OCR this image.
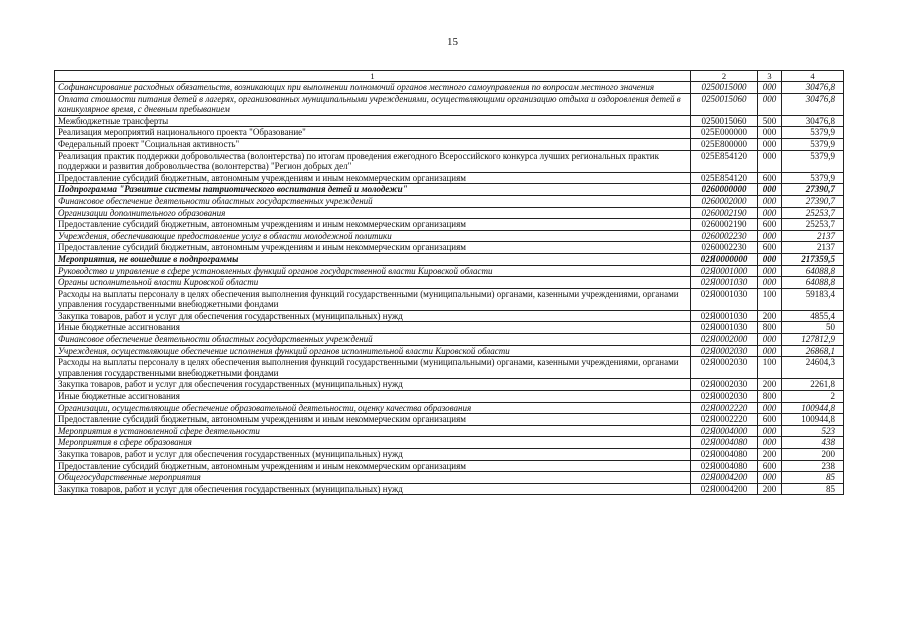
15
1	2	3	4
Софинансирование расходных обязательств, возникающих при выполнении полномочий органов местного самоуправления по вопросам местного значения	0250015000	000	30476,8
Оплата стоимости питания детей в лагерях, организованных муниципальными учреждениями, осуществляющими организацию отдыха и оздоровления детей в каникулярное время, с дневным пребыванием	0250015060	000	30476,8
Межбюджетные трансферты	0250015060	500	30476,8
Реализация мероприятий национального проекта "Образование"	025E000000	000	5379,9
Федеральный проект "Социальная активность"	025E800000	000	5379,9
Реализация практик поддержки добровольчества (волонтерства) по итогам проведения ежегодного Всероссийского конкурса лучших региональных практик поддержки и развития добровольчества (волонтерства) "Регион добрых дел"	025E854120	000	5379,9
Предоставление субсидий бюджетным, автономным учреждениям и иным некоммерческим организациям	025E854120	600	5379,9
Подпрограмма "Развитие системы патриотического воспитания детей и молодежи"	0260000000	000	27390,7
Финансовое обеспечение деятельности областных государственных учреждений	0260002000	000	27390,7
Организации дополнительного образования	0260002190	000	25253,7
Предоставление субсидий бюджетным, автономным учреждениям и иным некоммерческим организациям	0260002190	600	25253,7
Учреждения, обеспечивающие предоставление услуг в области молодежной политики	0260002230	000	2137
Предоставление субсидий бюджетным, автономным учреждениям и иным некоммерческим организациям	0260002230	600	2137
Мероприятия, не вошедшие в подпрограммы	02Я0000000	000	217359,5
Руководство и управление в сфере установленных функций органов государственной власти Кировской области	02Я0001000	000	64088,8
Органы исполнительной власти Кировской области	02Я0001030	000	64088,8
Расходы на выплаты персоналу в целях обеспечения выполнения функций государственными (муниципальными) органами, казенными учреждениями, органами управления государственными внебюджетными фондами	02Я0001030	100	59183,4
Закупка товаров, работ и услуг для обеспечения государственных (муниципальных) нужд	02Я0001030	200	4855,4
Иные бюджетные ассигнования	02Я0001030	800	50
Финансовое обеспечение деятельности областных государственных учреждений	02Я0002000	000	127812,9
Учреждения, осуществляющие обеспечение исполнения функций органов исполнительной власти Кировской области	02Я0002030	000	26868,1
Расходы на выплаты персоналу в целях обеспечения выполнения функций государственными (муниципальными) органами, казенными учреждениями, органами управления государственными внебюджетными фондами	02Я0002030	100	24604,3
Закупка товаров, работ и услуг для обеспечения государственных (муниципальных) нужд	02Я0002030	200	2261,8
Иные бюджетные ассигнования	02Я0002030	800	2
Организации, осуществляющие обеспечение образовательной деятельности, оценку качества образования	02Я0002220	000	100944,8
Предоставление субсидий бюджетным, автономным учреждениям и иным некоммерческим организациям	02Я0002220	600	100944,8
Мероприятия в установленной сфере деятельности	02Я0004000	000	523
Мероприятия в сфере образования	02Я0004080	000	438
Закупка товаров, работ и услуг для обеспечения государственных (муниципальных) нужд	02Я0004080	200	200
Предоставление субсидий бюджетным, автономным учреждениям и иным некоммерческим организациям	02Я0004080	600	238
Общегосударственные мероприятия	02Я0004200	000	85
Закупка товаров, работ и услуг для обеспечения государственных (муниципальных) нужд	02Я0004200	200	85
